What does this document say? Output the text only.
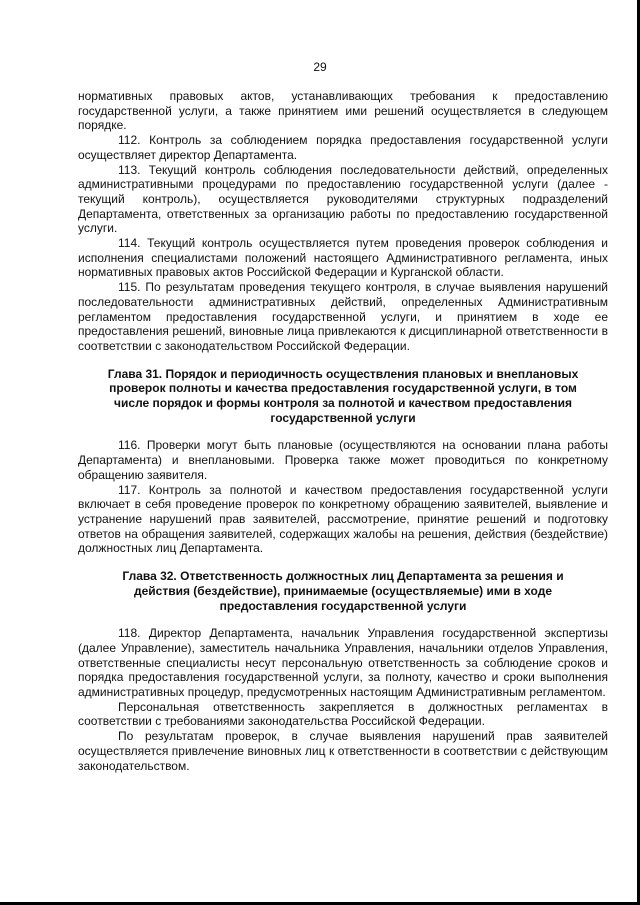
29

нормативных правовых актов, устанавливающих требования к предоставлению государственной услуги, а также принятием ими решений осуществляется в следующем порядке.

112. Контроль за соблюдением порядка предоставления государственной услуги осуществляет директор Департамента.

113. Текущий контроль соблюдения последовательности действий, определенных административными процедурами по предоставлению государственной услуги (далее - текущий контроль), осуществляется руководителями структурных подразделений Департамента, ответственных за организацию работы по предоставлению государственной услуги.

114. Текущий контроль осуществляется путем проведения проверок соблюдения и исполнения специалистами положений настоящего Административного регламента, иных нормативных правовых актов Российской Федерации и Курганской области.

115. По результатам проведения текущего контроля, в случае выявления нарушений последовательности административных действий, определенных Административным регламентом предоставления государственной услуги, и принятием в ходе ее предоставления решений, виновные лица привлекаются к дисциплинарной ответственности в соответствии с законодательством Российской Федерации.

Глава 31. Порядок и периодичность осуществления плановых и внеплановых проверок полноты и качества предоставления государственной услуги, в том числе порядок и формы контроля за полнотой и качеством предоставления государственной услуги

116. Проверки могут быть плановые (осуществляются на основании плана работы Департамента) и внеплановыми. Проверка также может проводиться по конкретному обращению заявителя.

117. Контроль за полнотой и качеством предоставления государственной услуги включает в себя проведение проверок по конкретному обращению заявителей, выявление и устранение нарушений прав заявителей, рассмотрение, принятие решений и подготовку ответов на обращения заявителей, содержащих жалобы на решения, действия (бездействие) должностных лиц Департамента.

Глава 32. Ответственность должностных лиц Департамента за решения и действия (бездействие), принимаемые (осуществляемые) ими в ходе предоставления государственной услуги

118. Директор Департамента, начальник Управления государственной экспертизы (далее Управление), заместитель начальника Управления, начальники отделов Управления, ответственные специалисты несут персональную ответственность за соблюдение сроков и порядка предоставления государственной услуги, за полноту, качество и сроки выполнения административных процедур, предусмотренных настоящим Административным регламентом.

Персональная ответственность закрепляется в должностных регламентах в соответствии с требованиями законодательства Российской Федерации.

По результатам проверок, в случае выявления нарушений прав заявителей осуществляется привлечение виновных лиц к ответственности в соответствии с действующим законодательством.
